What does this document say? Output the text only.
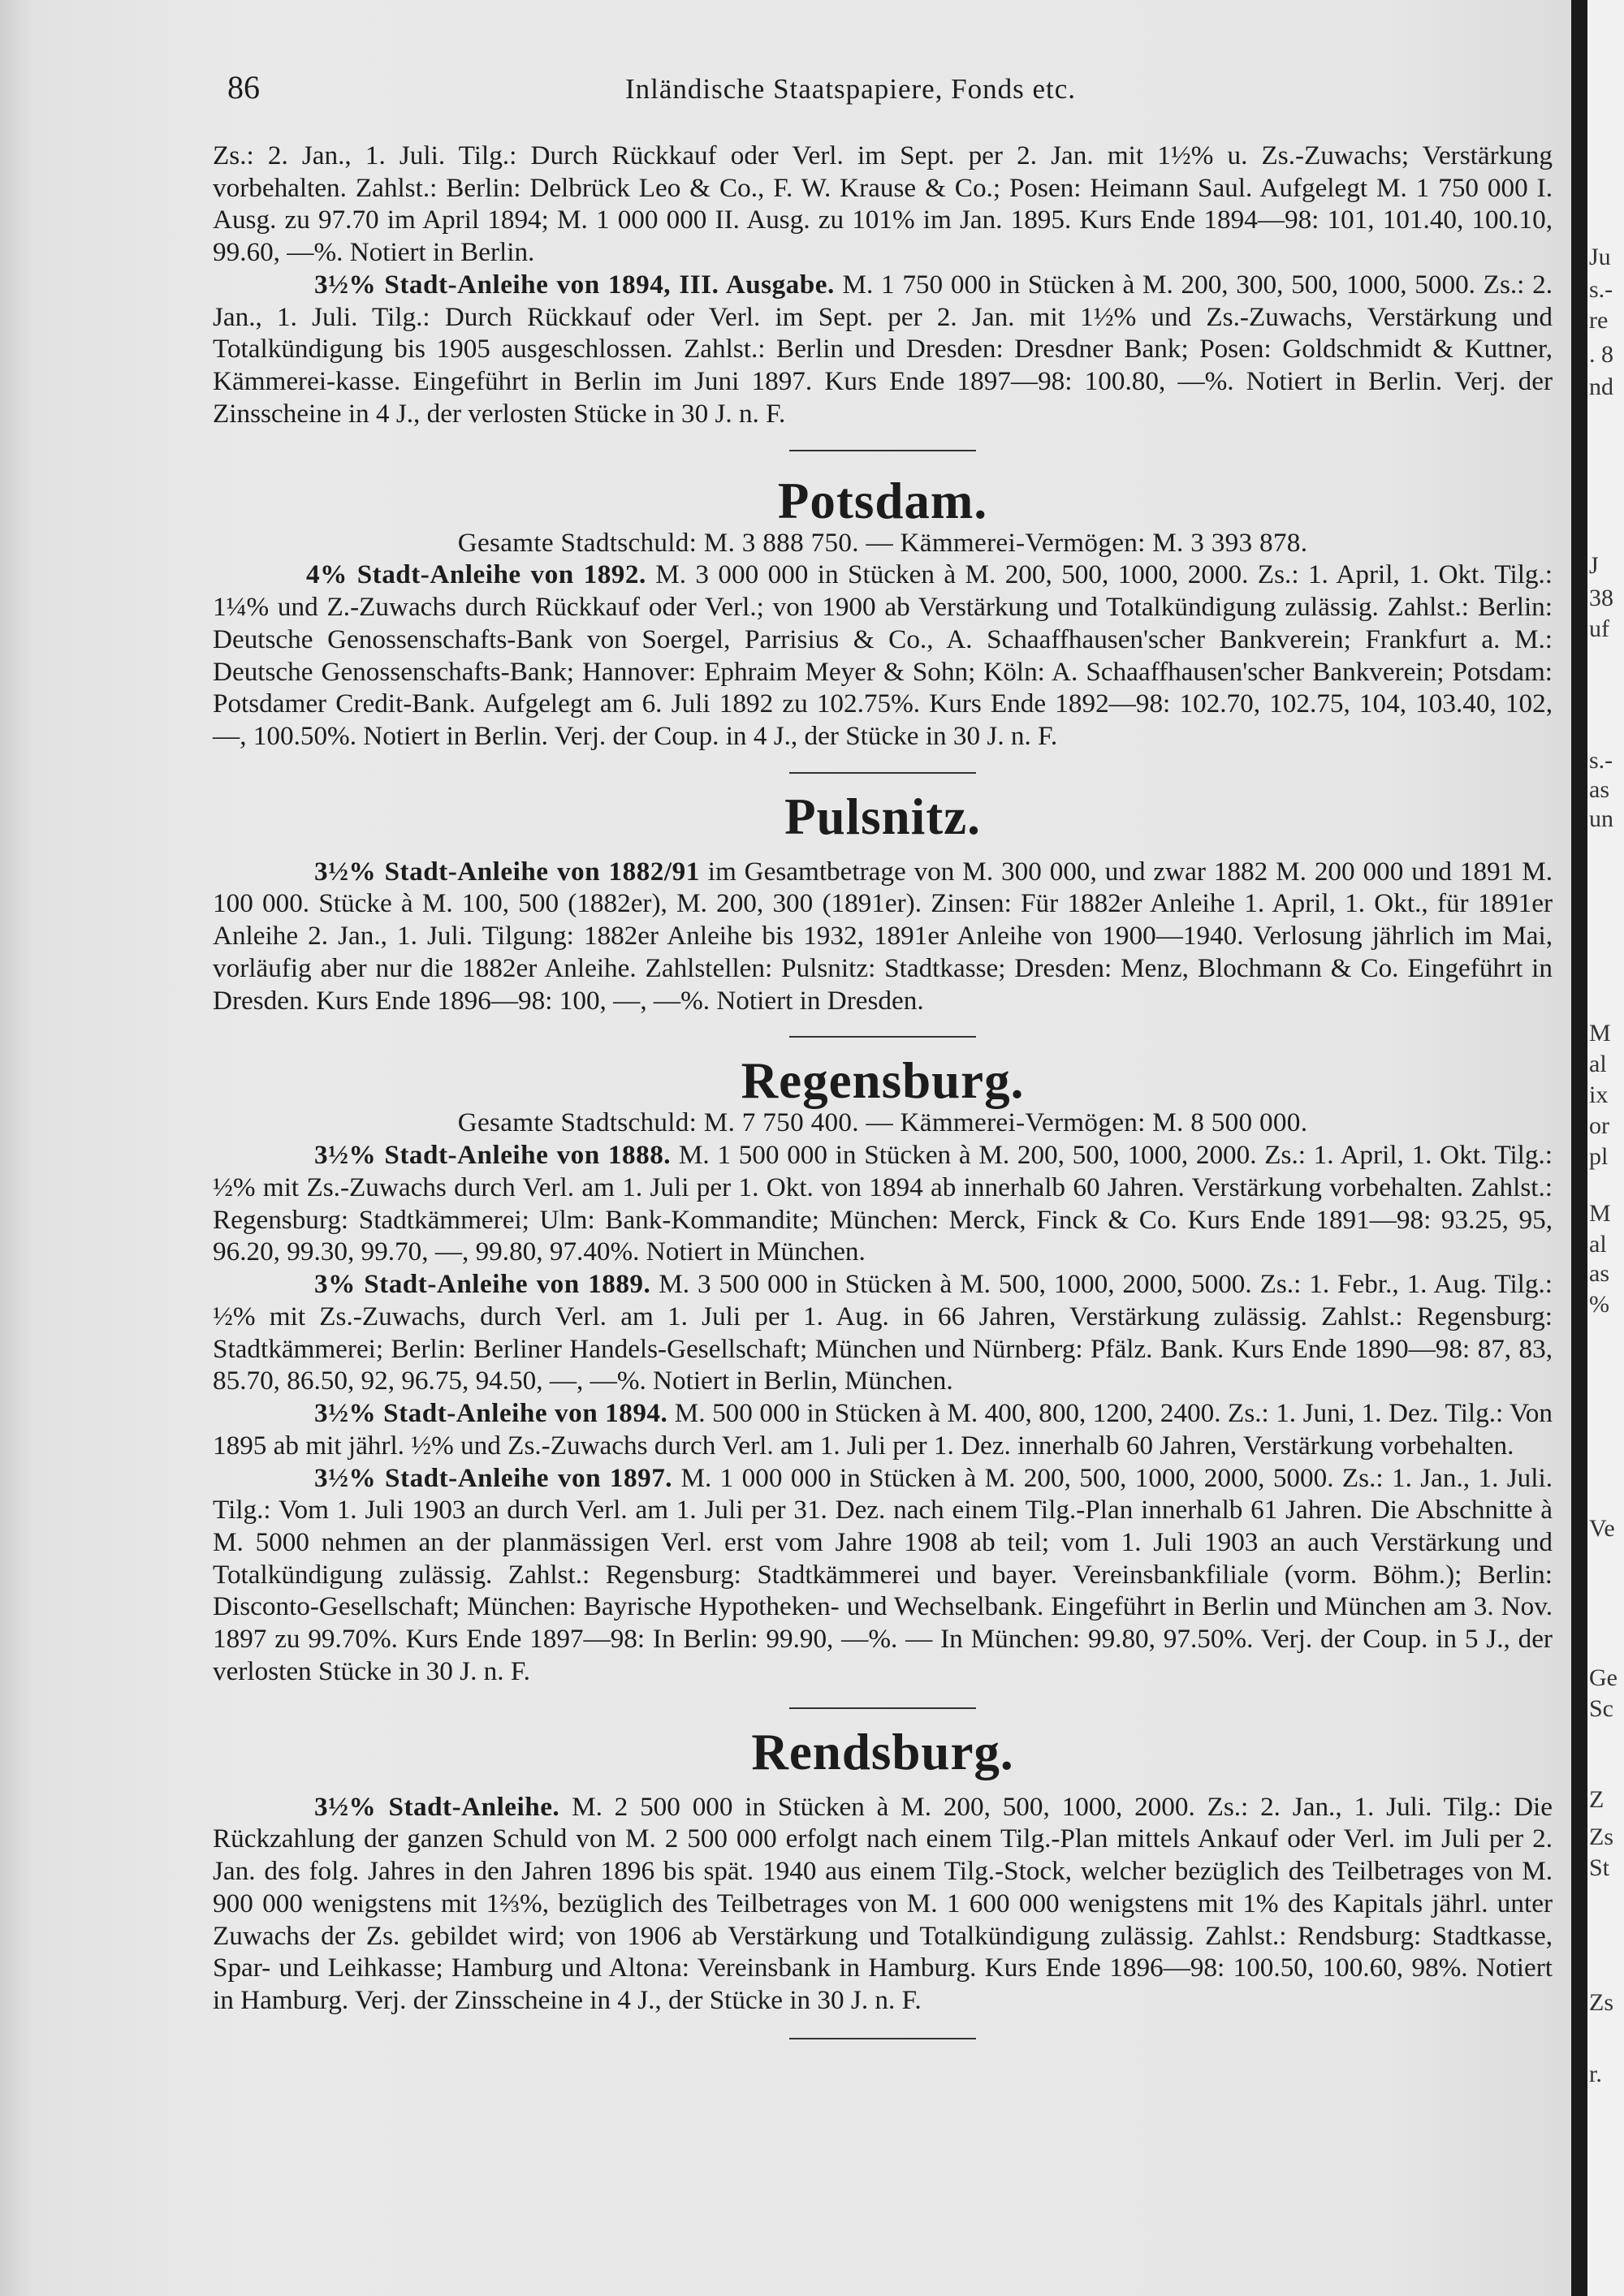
86	Inländische Staatspapiere, Fonds etc.

Zs.: 2. Jan., 1. Juli. Tilg.: Durch Rückkauf oder Verl. im Sept. per 2. Jan. mit 1½% u. Zs.-Zuwachs; Verstärkung vorbehalten. Zahlst.: Berlin: Delbrück Leo & Co., F. W. Krause & Co.; Posen: Heimann Saul. Aufgelegt M. 1 750 000 I. Ausg. zu 97.70 im April 1894; M. 1 000 000 II. Ausg. zu 101% im Jan. 1895. Kurs Ende 1894—98: 101, 101.40, 100.10, 99.60, —%. Notiert in Berlin.

3½% Stadt-Anleihe von 1894, III. Ausgabe. M. 1 750 000 in Stücken à M. 200, 300, 500, 1000, 5000. Zs.: 2. Jan., 1. Juli. Tilg.: Durch Rückkauf oder Verl. im Sept. per 2. Jan. mit 1½% und Zs.-Zuwachs, Verstärkung und Totalkündigung bis 1905 ausgeschlossen. Zahlst.: Berlin und Dresden: Dresdner Bank; Posen: Goldschmidt & Kuttner, Kämmerei-kasse. Eingeführt in Berlin im Juni 1897. Kurs Ende 1897—98: 100.80, —%. Notiert in Berlin. Verj. der Zinsscheine in 4 J., der verlosten Stücke in 30 J. n. F.

Potsdam.

Gesamte Stadtschuld: M. 3 888 750. — Kämmerei-Vermögen: M. 3 393 878.

4% Stadt-Anleihe von 1892. M. 3 000 000 in Stücken à M. 200, 500, 1000, 2000. Zs.: 1. April, 1. Okt. Tilg.: 1¼% und Z.-Zuwachs durch Rückkauf oder Verl.; von 1900 ab Verstärkung und Totalkündigung zulässig. Zahlst.: Berlin: Deutsche Genossenschafts-Bank von Soergel, Parrisius & Co., A. Schaaffhausen'scher Bankverein; Frankfurt a. M.: Deutsche Genossenschafts-Bank; Hannover: Ephraim Meyer & Sohn; Köln: A. Schaaffhausen'scher Bankverein; Potsdam: Potsdamer Credit-Bank. Aufgelegt am 6. Juli 1892 zu 102.75%. Kurs Ende 1892—98: 102.70, 102.75, 104, 103.40, 102, —, 100.50%. Notiert in Berlin. Verj. der Coup. in 4 J., der Stücke in 30 J. n. F.

Pulsnitz.

3½% Stadt-Anleihe von 1882/91 im Gesamtbetrage von M. 300 000, und zwar 1882 M. 200 000 und 1891 M. 100 000. Stücke à M. 100, 500 (1882er), M. 200, 300 (1891er). Zinsen: Für 1882er Anleihe 1. April, 1. Okt., für 1891er Anleihe 2. Jan., 1. Juli. Tilgung: 1882er Anleihe bis 1932, 1891er Anleihe von 1900—1940. Verlosung jährlich im Mai, vorläufig aber nur die 1882er Anleihe. Zahlstellen: Pulsnitz: Stadtkasse; Dresden: Menz, Blochmann & Co. Eingeführt in Dresden. Kurs Ende 1896—98: 100, —, —%. Notiert in Dresden.

Regensburg.

Gesamte Stadtschuld: M. 7 750 400. — Kämmerei-Vermögen: M. 8 500 000.

3½% Stadt-Anleihe von 1888. M. 1 500 000 in Stücken à M. 200, 500, 1000, 2000. Zs.: 1. April, 1. Okt. Tilg.: ½% mit Zs.-Zuwachs durch Verl. am 1. Juli per 1. Okt. von 1894 ab innerhalb 60 Jahren. Verstärkung vorbehalten. Zahlst.: Regensburg: Stadtkämmerei; Ulm: Bank-Kommandite; München: Merck, Finck & Co. Kurs Ende 1891—98: 93.25, 95, 96.20, 99.30, 99.70, —, 99.80, 97.40%. Notiert in München.

3% Stadt-Anleihe von 1889. M. 3 500 000 in Stücken à M. 500, 1000, 2000, 5000. Zs.: 1. Febr., 1. Aug. Tilg.: ½% mit Zs.-Zuwachs, durch Verl. am 1. Juli per 1. Aug. in 66 Jahren, Verstärkung zulässig. Zahlst.: Regensburg: Stadtkämmerei; Berlin: Berliner Handels-Gesellschaft; München und Nürnberg: Pfälz. Bank. Kurs Ende 1890—98: 87, 83, 85.70, 86.50, 92, 96.75, 94.50, —, —%. Notiert in Berlin, München.

3½% Stadt-Anleihe von 1894. M. 500 000 in Stücken à M. 400, 800, 1200, 2400. Zs.: 1. Juni, 1. Dez. Tilg.: Von 1895 ab mit jährl. ½% und Zs.-Zuwachs durch Verl. am 1. Juli per 1. Dez. innerhalb 60 Jahren, Verstärkung vorbehalten.

3½% Stadt-Anleihe von 1897. M. 1 000 000 in Stücken à M. 200, 500, 1000, 2000, 5000. Zs.: 1. Jan., 1. Juli. Tilg.: Vom 1. Juli 1903 an durch Verl. am 1. Juli per 31. Dez. nach einem Tilg.-Plan innerhalb 61 Jahren. Die Abschnitte à M. 5000 nehmen an der planmässigen Verl. erst vom Jahre 1908 ab teil; vom 1. Juli 1903 an auch Verstärkung und Totalkündigung zulässig. Zahlst.: Regensburg: Stadtkämmerei und bayer. Vereinsbankfiliale (vorm. Böhm.); Berlin: Disconto-Gesellschaft; München: Bayrische Hypotheken- und Wechselbank. Eingeführt in Berlin und München am 3. Nov. 1897 zu 99.70%. Kurs Ende 1897—98: In Berlin: 99.90, —%. — In München: 99.80, 97.50%. Verj. der Coup. in 5 J., der verlosten Stücke in 30 J. n. F.

Rendsburg.

3½% Stadt-Anleihe. M. 2 500 000 in Stücken à M. 200, 500, 1000, 2000. Zs.: 2. Jan., 1. Juli. Tilg.: Die Rückzahlung der ganzen Schuld von M. 2 500 000 erfolgt nach einem Tilg.-Plan mittels Ankauf oder Verl. im Juli per 2. Jan. des folg. Jahres in den Jahren 1896 bis spät. 1940 aus einem Tilg.-Stock, welcher bezüglich des Teilbetrages von M. 900 000 wenigstens mit 1⅔%, bezüglich des Teilbetrages von M. 1 600 000 wenigstens mit 1% des Kapitals jährl. unter Zuwachs der Zs. gebildet wird; von 1906 ab Verstärkung und Totalkündigung zulässig. Zahlst.: Rendsburg: Stadtkasse, Spar- und Leihkasse; Hamburg und Altona: Vereinsbank in Hamburg. Kurs Ende 1896—98: 100.50, 100.60, 98%. Notiert in Hamburg. Verj. der Zinsscheine in 4 J., der Stücke in 30 J. n. F.

Ju
s.-
re
. 8
nd
J
38
uf
s.-
as
un
M
al
ix
or
pl
M
al
as
%
Ve
Ge
Sc
Z
Zs
St
Zs
r.
